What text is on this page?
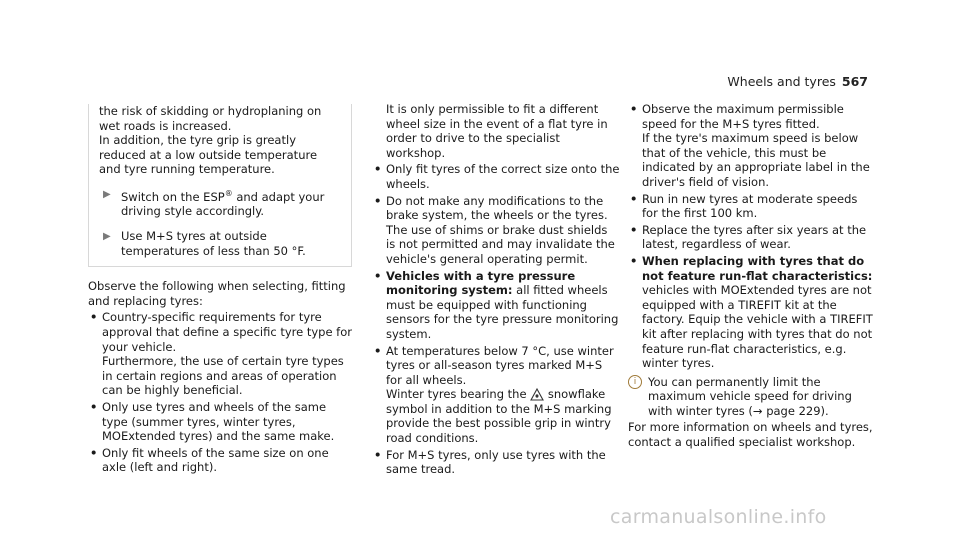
Wheels and tyres 567

the risk of skidding or hydroplaning on wet roads is increased.

In addition, the tyre grip is greatly reduced at a low outside temperature and tyre running temperature.

▶ Switch on the ESP® and adapt your driving style accordingly.
▶ Use M+S tyres at outside temperatures of less than 50 °F.

Observe the following when selecting, fitting and replacing tyres:

• Country-specific requirements for tyre approval that define a specific tyre type for your vehicle.

Furthermore, the use of certain tyre types in certain regions and areas of operation can be highly beneficial.

• Only use tyres and wheels of the same type (summer tyres, winter tyres, MOExtended tyres) and the same make.
• Only fit wheels of the same size on one axle (left and right).

It is only permissible to fit a different wheel size in the event of a flat tyre in order to drive to the specialist workshop.

• Only fit tyres of the correct size onto the wheels.
• Do not make any modifications to the brake system, the wheels or the tyres.

The use of shims or brake dust shields is not permitted and may invalidate the vehicle's general operating permit.

• Vehicles with a tyre pressure monitoring system: all fitted wheels must be equipped with functioning sensors for the tyre pressure monitoring system.
• At temperatures below 7 °C, use winter tyres or all-season tyres marked M+S for all wheels.

Winter tyres bearing the  snowflake symbol in addition to the M+S marking provide the best possible grip in wintry road conditions.

• For M+S tyres, only use tyres with the same tread.
• Observe the maximum permissible speed for the M+S tyres fitted.

If the tyre's maximum speed is below that of the vehicle, this must be indicated by an appropriate label in the driver's field of vision.

• Run in new tyres at moderate speeds for the first 100 km.
• Replace the tyres after six years at the latest, regardless of wear.
• When replacing with tyres that do not feature run-flat characteristics: vehicles with MOExtended tyres are not equipped with a TIREFIT kit at the factory. Equip the vehicle with a TIREFIT kit after replacing with tyres that do not feature run-flat characteristics, e.g. winter tyres.
i	You can permanently limit the maximum vehicle speed for driving with winter tyres (→ page 229).

For more information on wheels and tyres, contact a qualified specialist workshop.

carmanualsonline.info
